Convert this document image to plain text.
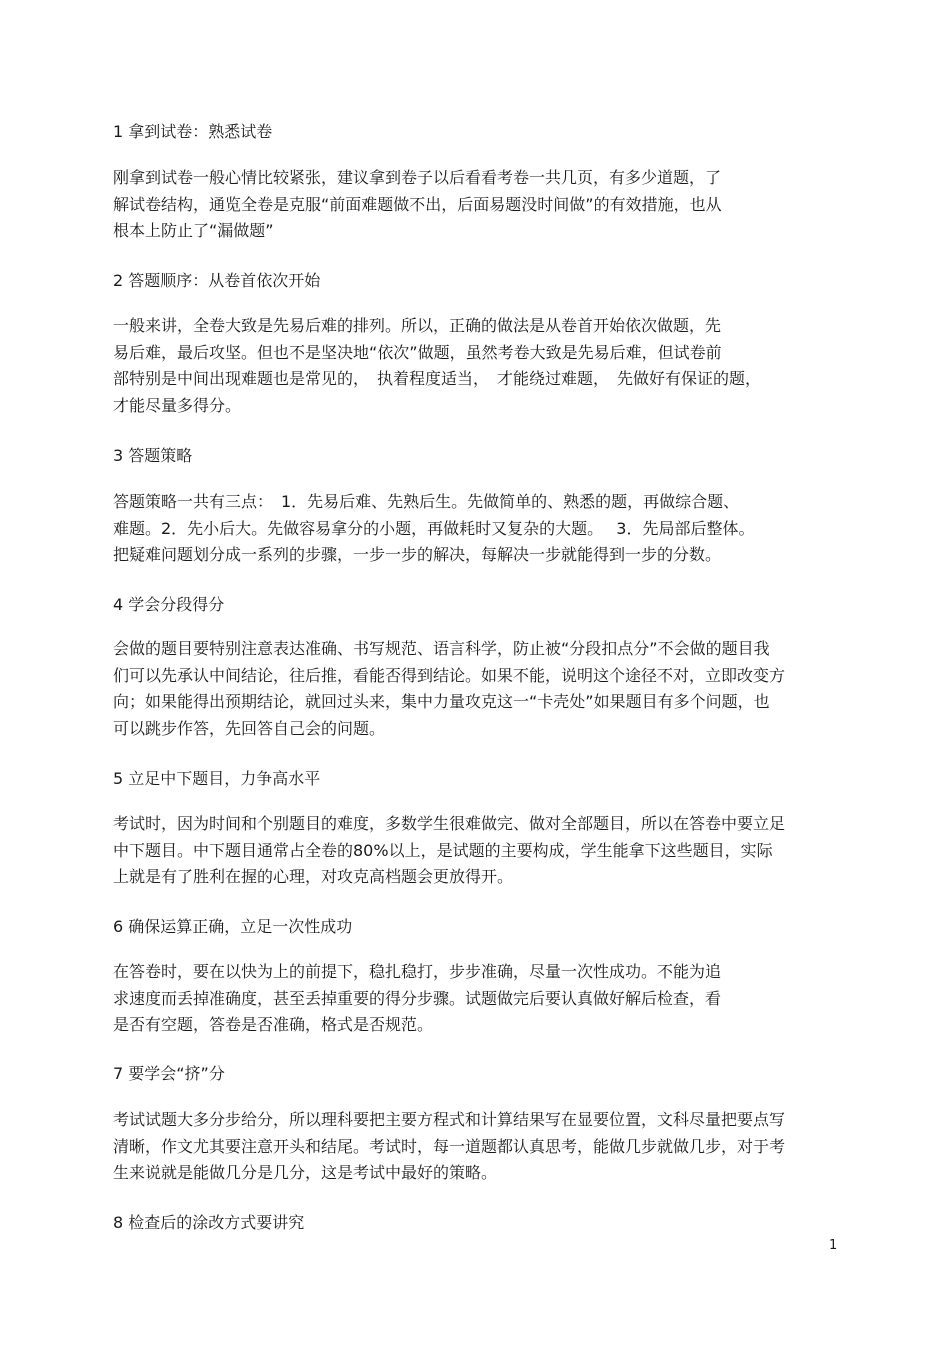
1 拿到试卷：熟悉试卷
刚拿到试卷一般心情比较紧张，建议拿到卷子以后看看考卷一共几页，有多少道题，了
解试卷结构，通览全卷是克服“前面难题做不出，后面易题没时间做”的有效措施，也从
根本上防止了“漏做题”
2 答题顺序：从卷首依次开始
一般来讲，全卷大致是先易后难的排列。所以，正确的做法是从卷首开始依次做题，先
易后难，最后攻坚。但也不是坚决地“依次”做题，虽然考卷大致是先易后难，但试卷前
部特别是中间出现难题也是常见的，　执着程度适当，　才能绕过难题，　先做好有保证的题，
才能尽量多得分。
3 答题策略
答题策略一共有三点：　1．先易后难、先熟后生。先做简单的、熟悉的题，再做综合题、
难题。2．先小后大。先做容易拿分的小题，再做耗时又复杂的大题。　 3．先局部后整体。
把疑难问题划分成一系列的步骤，一步一步的解决，每解决一步就能得到一步的分数。
4 学会分段得分
会做的题目要特别注意表达准确、书写规范、语言科学，防止被“分段扣点分”不会做的题目我
们可以先承认中间结论，往后推，看能否得到结论。如果不能，说明这个途径不对，立即改变方
向；如果能得出预期结论，就回过头来，集中力量攻克这一“卡壳处”如果题目有多个问题，也
可以跳步作答，先回答自己会的问题。
5 立足中下题目，力争高水平
考试时，因为时间和个别题目的难度，多数学生很难做完、做对全部题目，所以在答卷中要立足
中下题目。中下题目通常占全卷的80%以上，是试题的主要构成，学生能拿下这些题目，实际
上就是有了胜利在握的心理，对攻克高档题会更放得开。
6 确保运算正确，立足一次性成功
在答卷时，要在以快为上的前提下，稳扎稳打，步步准确，尽量一次性成功。不能为追
求速度而丢掉准确度，甚至丢掉重要的得分步骤。试题做完后要认真做好解后检查，看
是否有空题，答卷是否准确，格式是否规范。
7 要学会“挤”分
考试试题大多分步给分，所以理科要把主要方程式和计算结果写在显要位置，文科尽量把要点写
清晰，作文尤其要注意开头和结尾。考试时，每一道题都认真思考，能做几步就做几步，对于考
生来说就是能做几分是几分，这是考试中最好的策略。
8 检查后的涂改方式要讲究
1
